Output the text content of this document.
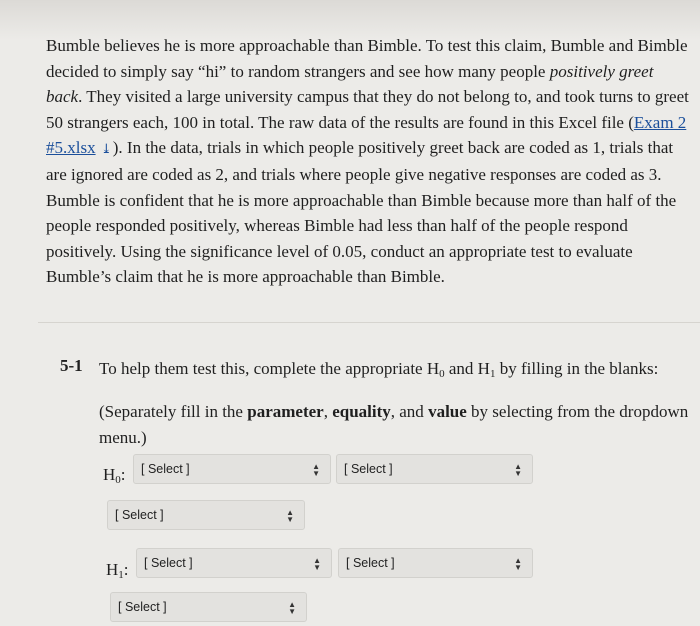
Bumble believes he is more approachable than Bimble. To test this claim, Bumble and Bimble decided to simply say “hi” to random strangers and see how many people positively greet back. They visited a large university campus that they do not belong to, and took turns to greet 50 strangers each, 100 in total. The raw data of the results are found in this Excel file (Exam 2 #5.xlsx ⤓). In the data, trials in which people positively greet back are coded as 1, trials that are ignored are coded as 2, and trials where people give negative responses are coded as 3. Bumble is confident that he is more approachable than Bimble because more than half of the people responded positively, whereas Bimble had less than half of the people respond positively. Using the significance level of 0.05, conduct an appropriate test to evaluate Bumble’s claim that he is more approachable than Bimble.

5-1 To help them test this, complete the appropriate $H_0$ and $H_1$ by filling in the blanks:

(Separately fill in the parameter, equality, and value by selecting from the dropdown menu.)

$H_0$: [ Select ]	▲
▼ [ Select ]	▲
▼
[ Select ]	▲
▼
$H_1$: [ Select ]	▲
▼ [ Select ]	▲
▼
[ Select ]	▲
▼
